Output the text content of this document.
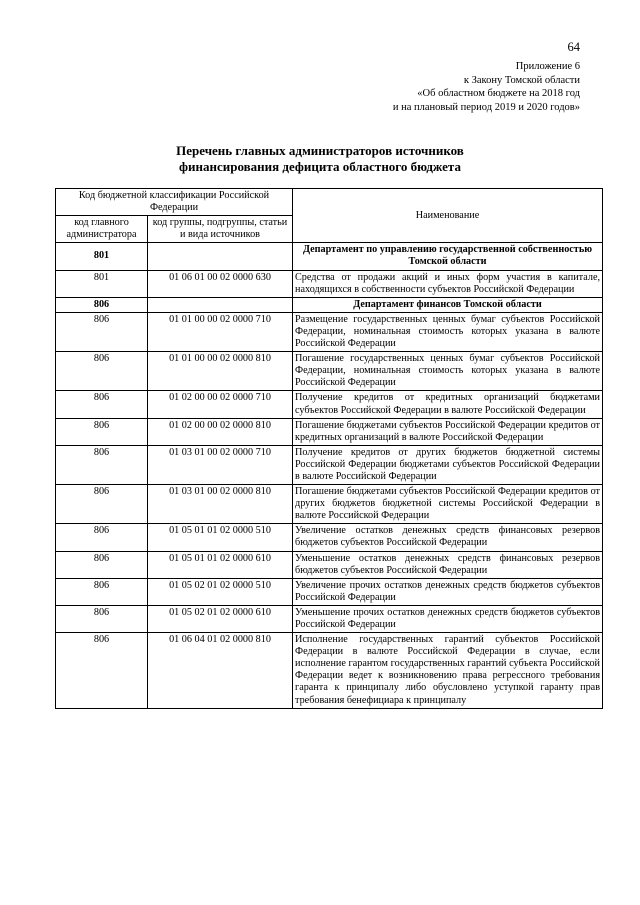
64
Приложение 6
к Закону Томской области
«Об областном бюджете на 2018 год
и на плановый период 2019 и 2020 годов»
Перечень главных администраторов источников
финансирования дефицита областного бюджета
Код бюджетной классификации Российской Федерации		Наименование
код главного администратора	код группы, подгруппы, статьи и вида источников	
801		Департамент по управлению государственной собственностью Томской области
801	01 06 01 00 02 0000 630	Средства от продажи акций и иных форм участия в капитале, находящихся в собственности субъектов Российской Федерации
806		Департамент финансов Томской области
806	01 01 00 00 02 0000 710	Размещение государственных ценных бумаг субъектов Российской Федерации, номинальная стоимость которых указана в валюте Российской Федерации
806	01 01 00 00 02 0000 810	Погашение государственных ценных бумаг субъектов Российской Федерации, номинальная стоимость которых указана в валюте Российской Федерации
806	01 02 00 00 02 0000 710	Получение кредитов от кредитных организаций бюджетами субъектов Российской Федерации в валюте Российской Федерации
806	01 02 00 00 02 0000 810	Погашение бюджетами субъектов Российской Федерации кредитов от кредитных организаций в валюте Российской Федерации
806	01 03 01 00 02 0000 710	Получение кредитов от других бюджетов бюджетной системы Российской Федерации бюджетами субъектов Российской Федерации в валюте Российской Федерации
806	01 03 01 00 02 0000 810	Погашение бюджетами субъектов Российской Федерации кредитов от других бюджетов бюджетной системы Российской Федерации в валюте Российской Федерации
806	01 05 01 01 02 0000 510	Увеличение остатков денежных средств финансовых резервов бюджетов субъектов Российской Федерации
806	01 05 01 01 02 0000 610	Уменьшение остатков денежных средств финансовых резервов бюджетов субъектов Российской Федерации
806	01 05 02 01 02 0000 510	Увеличение прочих остатков денежных средств бюджетов субъектов Российской Федерации
806	01 05 02 01 02 0000 610	Уменьшение прочих остатков денежных средств бюджетов субъектов Российской Федерации
806	01 06 04 01 02 0000 810	Исполнение государственных гарантий субъектов Российской Федерации в валюте Российской Федерации в случае, если исполнение гарантом государственных гарантий субъекта Российской Федерации ведет к возникновению права регрессного требования гаранта к принципалу либо обусловлено уступкой гаранту прав требования бенефициара к принципалу
